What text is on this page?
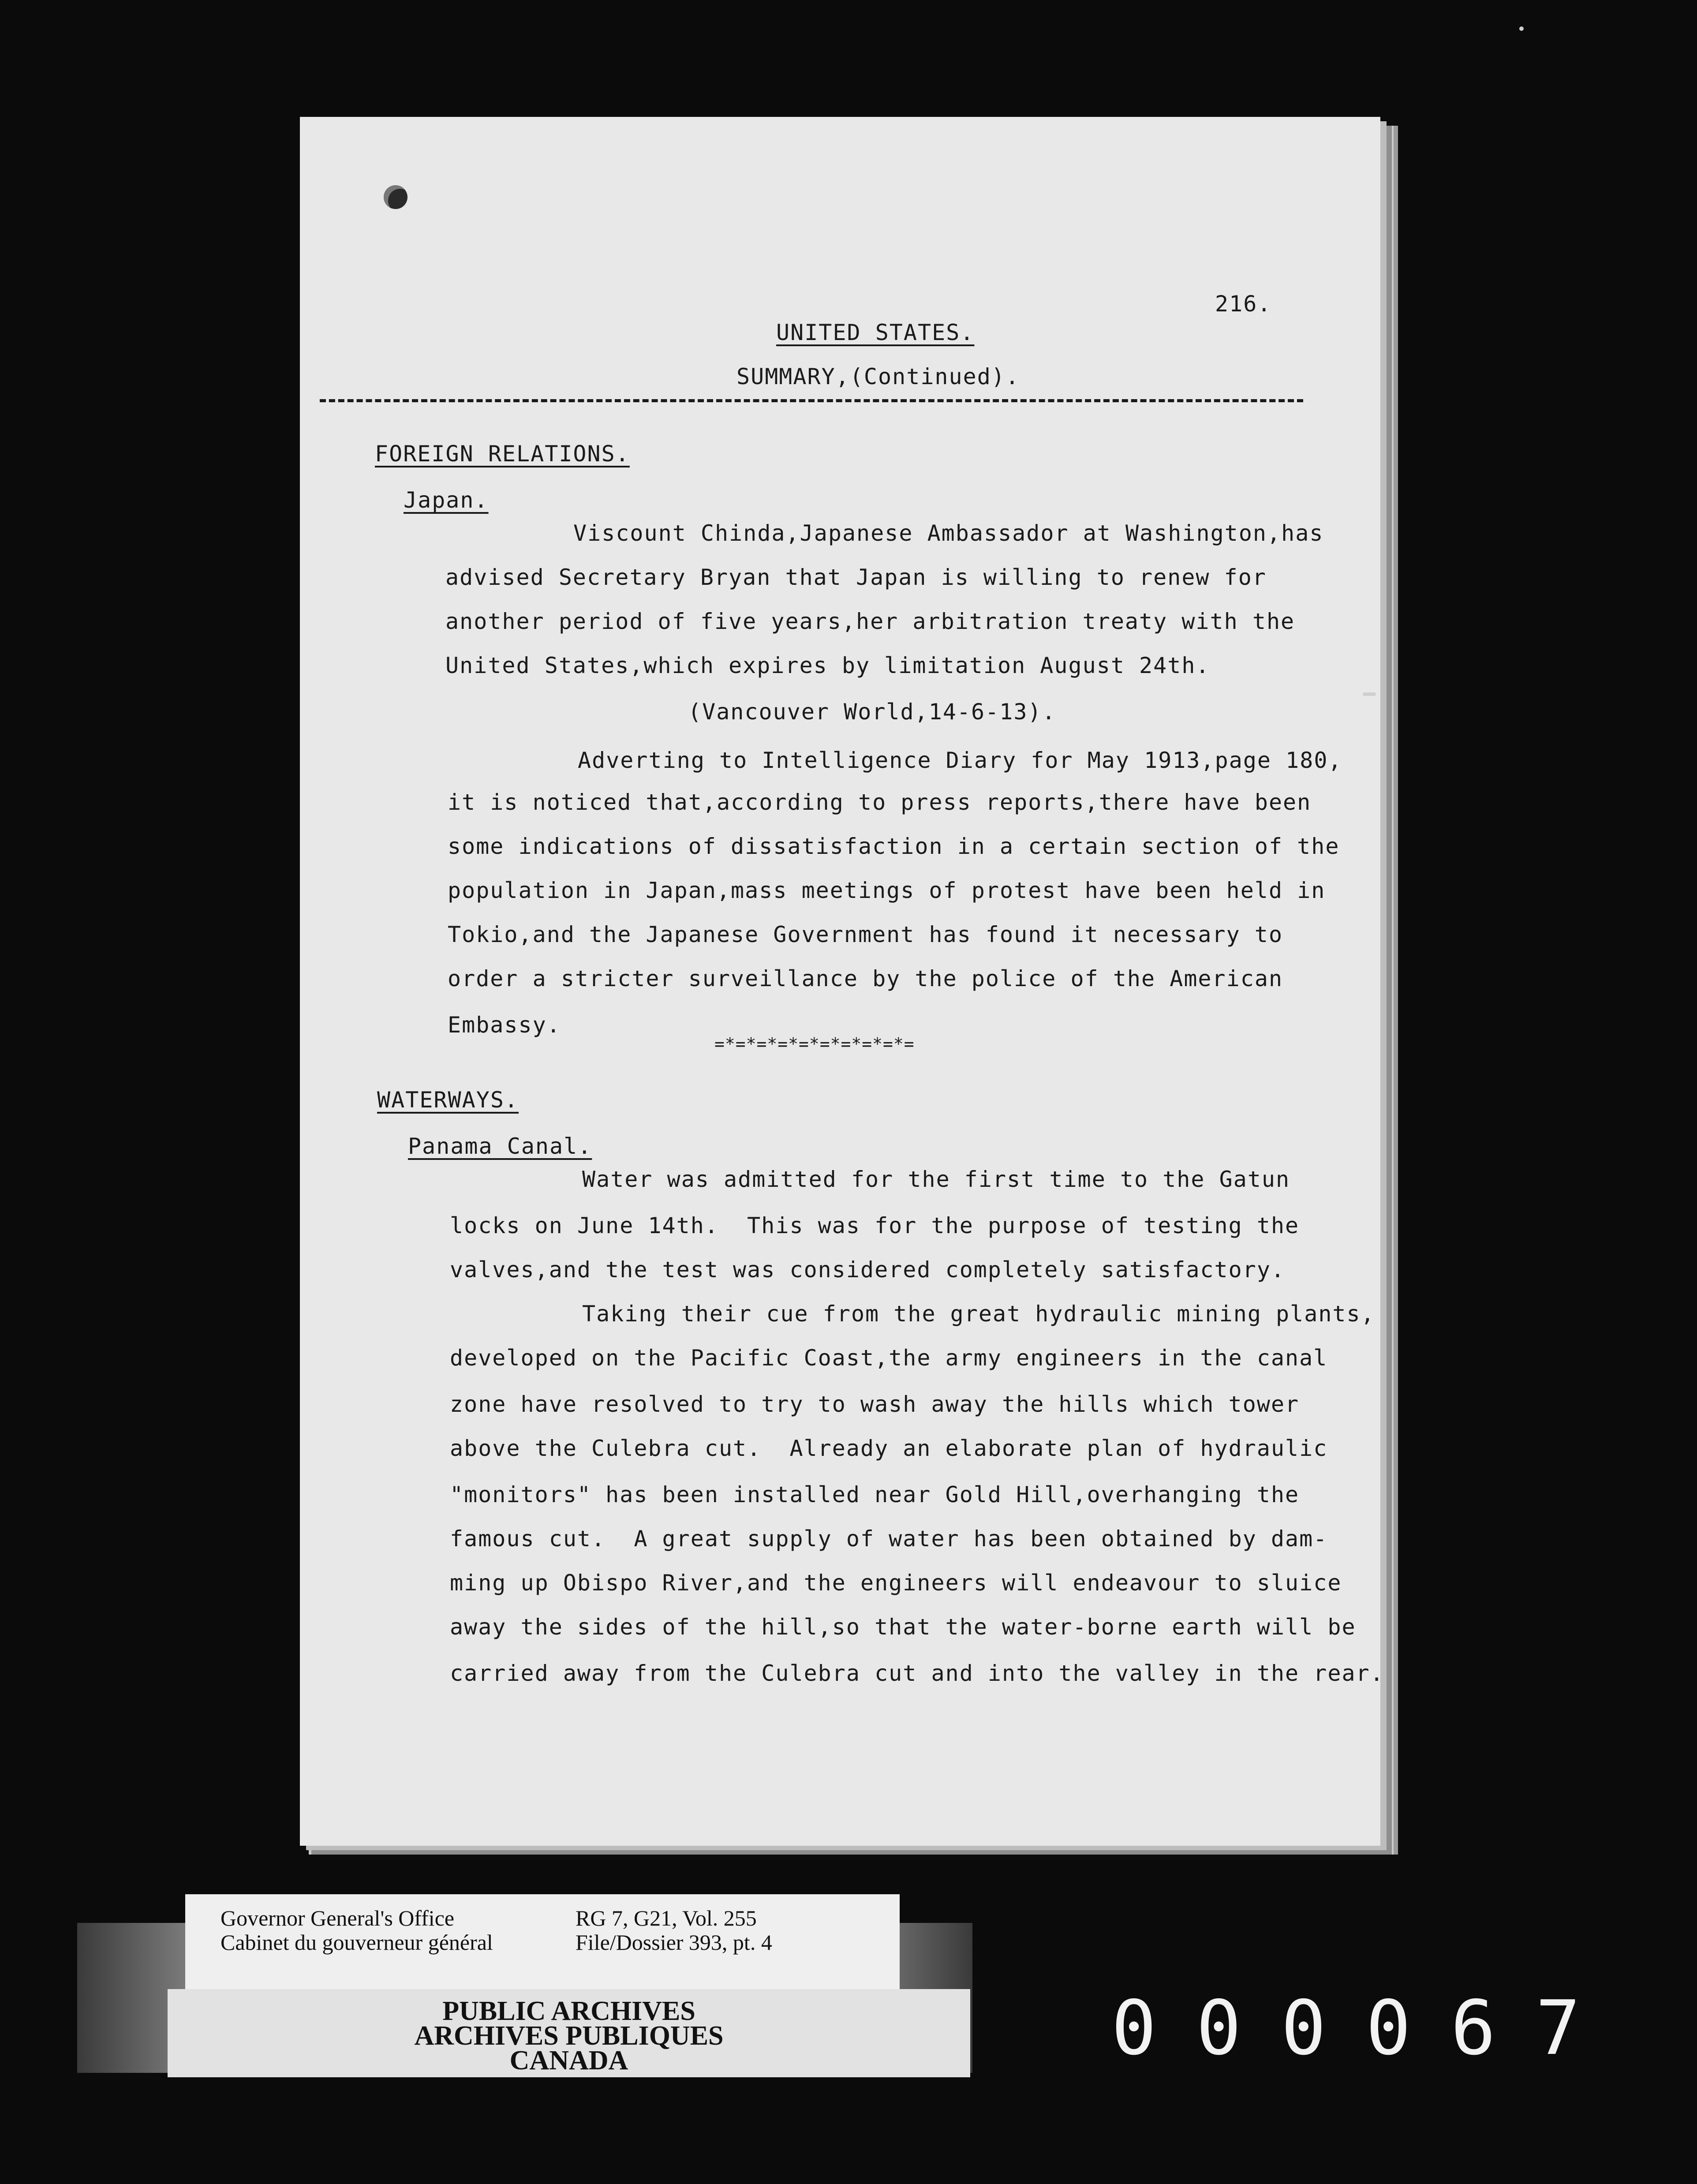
216.
UNITED STATES.
SUMMARY,(Continued).
FOREIGN RELATIONS.
Japan.
Viscount Chinda,Japanese Ambassador at Washington,has
advised Secretary Bryan that Japan is willing to renew for
another period of five years,her arbitration treaty with the
United States,which expires by limitation August 24th.
(Vancouver World,14-6-13).
Adverting to Intelligence Diary for May 1913,page 180,
it is noticed that,according to press reports,there have been
some indications of dissatisfaction in a certain section of the
population in Japan,mass meetings of protest have been held in
Tokio,and the Japanese Government has found it necessary to
order a stricter surveillance by the police of the American
Embassy.
=*=*=*=*=*=*=*=*=*=
WATERWAYS.
Panama Canal.
Water was admitted for the first time to the Gatun
locks on June 14th.  This was for the purpose of testing the
valves,and the test was considered completely satisfactory.
Taking their cue from the great hydraulic mining plants,
developed on the Pacific Coast,the army engineers in the canal
zone have resolved to try to wash away the hills which tower
above the Culebra cut.  Already an elaborate plan of hydraulic
"monitors" has been installed near Gold Hill,overhanging the
famous cut.  A great supply of water has been obtained by dam-
ming up Obispo River,and the engineers will endeavour to sluice
away the sides of the hill,so that the water-borne earth will be
carried away from the Culebra cut and into the valley in the rear.
Governor General's Office
Cabinet du gouverneur général
RG 7, G21, Vol. 255
File/Dossier 393, pt. 4
PUBLIC ARCHIVES
ARCHIVES PUBLIQUES
CANADA	000067
